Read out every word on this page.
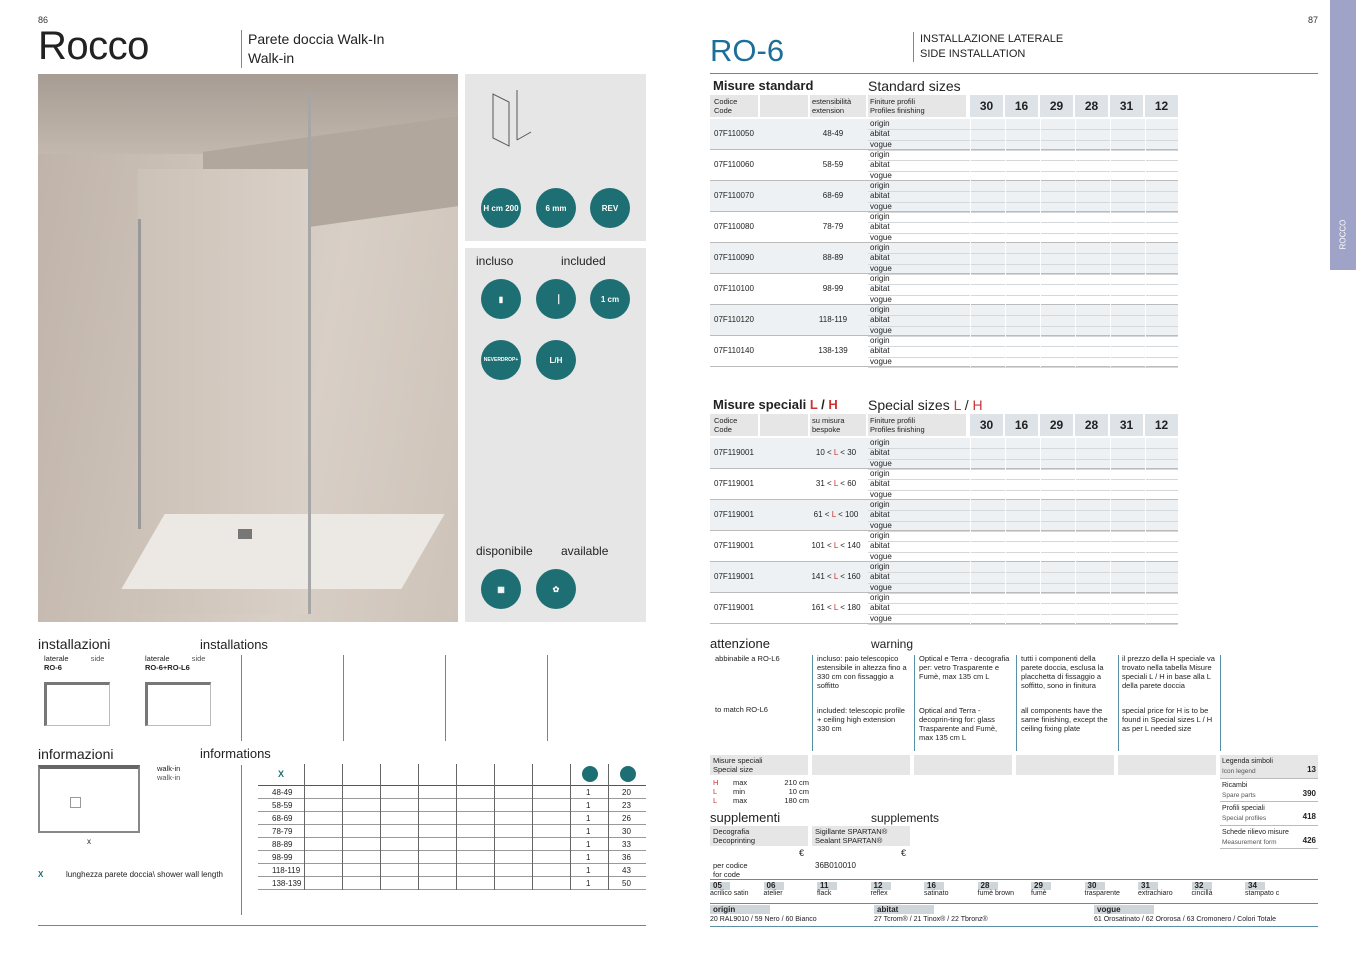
86	87
Rocco	Parete doccia Walk-In
Walk-in
H cm 200	6 mm	REV
incluso	included
▮	▕	1 cm
NEVERDROP+	L/H
disponibile available
▦	✿
installazioni	installations
laterale	side
RO-6
laterale	side
RO-6+RO-L6
informazioni	informations
x
walk-in
walk-in
X	lunghezza parete doccia\ shower wall length
X
48-49	1	20
58-59	1	23
68-69	1	26
78-79	1	30
88-89	1	33
98-99	1	36
118-119	1	43
138-139	1	50
RO-6	INSTALLAZIONE LATERALE
SIDE INSTALLATION
ROCCO
Misure standard	Standard sizes
Codice
Code
estensibilità
extension
Finiture profili
Profiles finishing	30	16	29	28	31	12
07F110050	48-49
origin
abitat
vogue
07F110060	58-59
origin
abitat
vogue
07F110070	68-69
origin
abitat
vogue
07F110080	78-79
origin
abitat
vogue
07F110090	88-89
origin
abitat
vogue
07F110100	98-99
origin
abitat
vogue
07F110120	118-119
origin
abitat
vogue
07F110140	138-139
origin
abitat
vogue
Misure speciali L / H Special sizes L / H
Codice
Code
su misura
bespoke
Finiture profili
Profiles finishing	30	16	29	28	31	12
07F119001	10 < L < 30
origin
abitat
vogue
07F119001	31 < L < 60
origin
abitat
vogue
07F119001	61 < L < 100
origin
abitat
vogue
07F119001	101 < L < 140
origin
abitat
vogue
07F119001	141 < L < 160
origin
abitat
vogue
07F119001	161 < L < 180
origin
abitat
vogue
attenzione	warning
abbinabile a RO-L6
to match RO-L6
incluso: paio telescopico estensibile in altezza fino a 330 cm con fissaggio a soffitto
included: telescopic profile + ceiling high extension 330 cm
Optical e Terra - decografia per: vetro Trasparente e Fumè, max 135 cm L
Optical and Terra - decoprin-ting for: glass Trasparente and Fumè, max 135 cm L
tutti i componenti della parete doccia, esclusa la placchetta di fissaggio a soffitto, sono in finitura
all components have the same finishing, except the ceiling fixing plate
il prezzo della H speciale va trovato nella tabella Misure speciali L / H in base alla L della parete doccia
special price for H is to be found in Special sizes L / H as per L needed size
Misure speciali
Special size
H max	210 cm
L min	10 cm
L max	180 cm
supplementi	supplements
Decografia
Decoprinting
Sigillante SPARTAN®
Sealant SPARTAN®
€	€
per codice
for code
36B010010
Legenda simboli
Icon legend	13
Ricambi
Spare parts	390
Profili speciali
Special profiles	418
Schede rilievo misure
Measurement form	426
05
acrilico satin
06
atelier
11
flack
12
reflex
16
satinato
28
fumè brown
29
fumè
30
trasparente
31
extrachiaro
32
cincillà
34
stampato c
origin
20 RAL9010 / 59 Nero / 60 Bianco
abitat
27 Tcrom® / 21 Tinox® / 22 Tbronz®
vogue
61 Orosatinato / 62 Ororosa / 63 Cromonero / Colori Totale
